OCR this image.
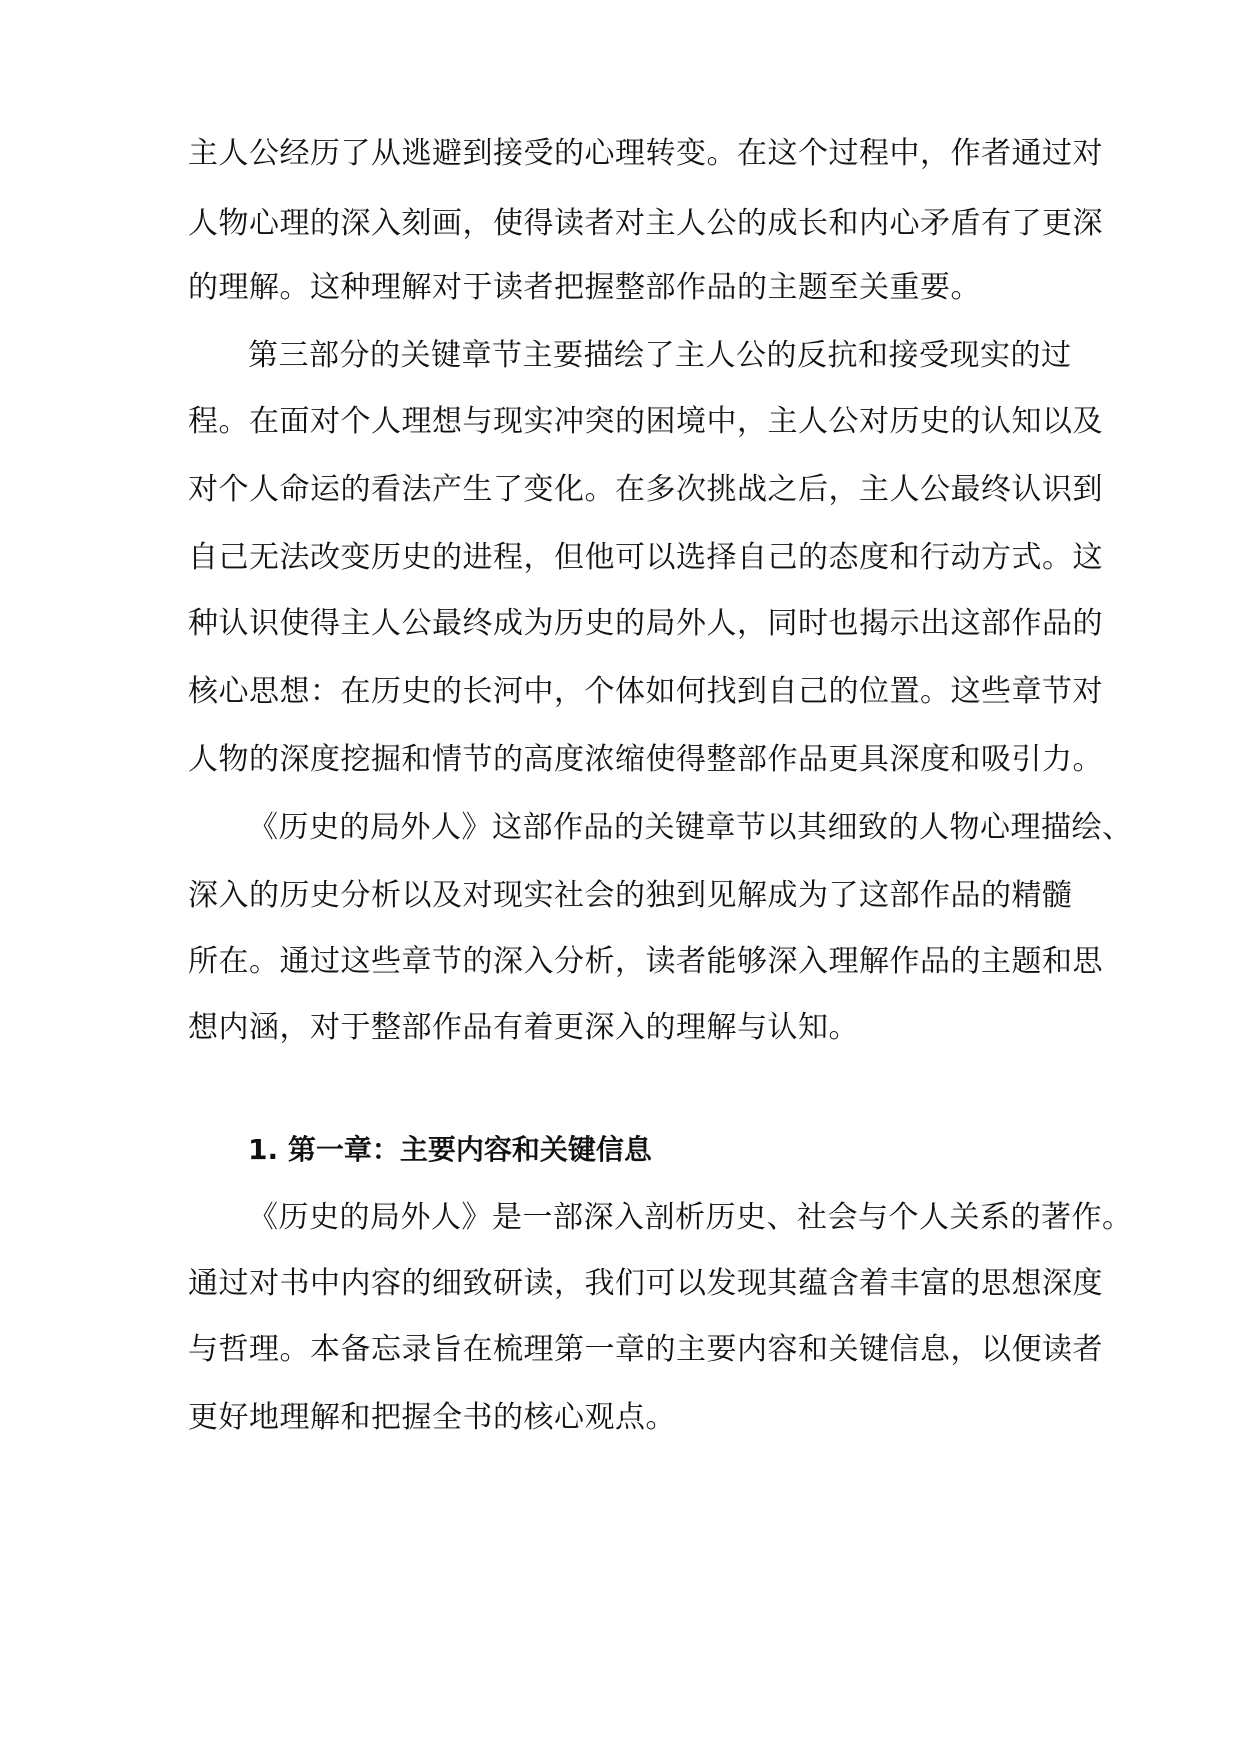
主人公经历了从逃避到接受的心理转变。在这个过程中，作者通过对
人物心理的深入刻画，使得读者对主人公的成长和内心矛盾有了更深
的理解。这种理解对于读者把握整部作品的主题至关重要。
第三部分的关键章节主要描绘了主人公的反抗和接受现实的过
程。在面对个人理想与现实冲突的困境中，主人公对历史的认知以及
对个人命运的看法产生了变化。在多次挑战之后，主人公最终认识到
自己无法改变历史的进程，但他可以选择自己的态度和行动方式。这
种认识使得主人公最终成为历史的局外人，同时也揭示出这部作品的
核心思想：在历史的长河中，个体如何找到自己的位置。这些章节对
人物的深度挖掘和情节的高度浓缩使得整部作品更具深度和吸引力。
《历史的局外人》这部作品的关键章节以其细致的人物心理描绘、
深入的历史分析以及对现实社会的独到见解成为了这部作品的精髓
所在。通过这些章节的深入分析，读者能够深入理解作品的主题和思
想内涵，对于整部作品有着更深入的理解与认知。
1. 第一章：主要内容和关键信息
《历史的局外人》是一部深入剖析历史、社会与个人关系的著作。
通过对书中内容的细致研读，我们可以发现其蕴含着丰富的思想深度
与哲理。本备忘录旨在梳理第一章的主要内容和关键信息，以便读者
更好地理解和把握全书的核心观点。
